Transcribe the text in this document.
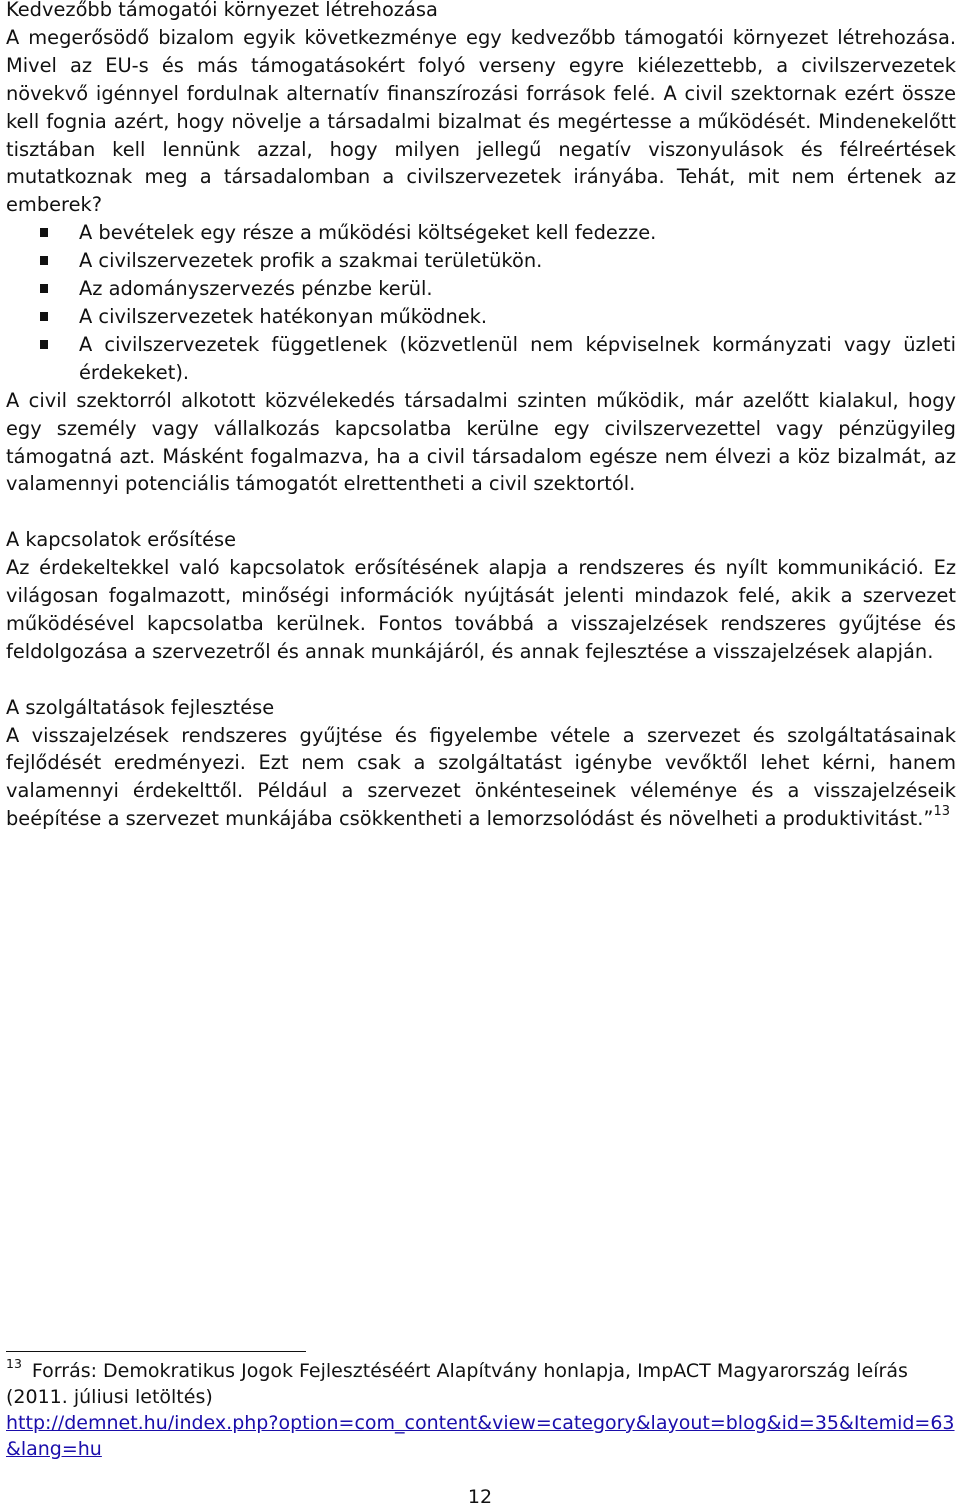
Kedvezőbb támogatói környezet létrehozása

A megerősödő bizalom egyik következménye egy kedvezőbb támogatói környezet létrehozása. Mivel az EU-s és más támogatásokért folyó verseny egyre kiélezettebb, a civilszervezetek növekvő igénnyel fordulnak alternatív finanszírozási források felé. A civil szektornak ezért össze kell fognia azért, hogy növelje a társadalmi bizalmat és megértesse a működését. Mindenekelőtt tisztában kell lennünk azzal, hogy milyen jellegű negatív viszonyulások és félreértések mutatkoznak meg a társadalomban a civilszervezetek irányába. Tehát, mit nem értenek az emberek?

A bevételek egy része a működési költségeket kell fedezze.
A civilszervezetek profik a szakmai területükön.
Az adományszervezés pénzbe kerül.
A civilszervezetek hatékonyan működnek.
A civilszervezetek függetlenek (közvetlenül nem képviselnek kormányzati vagy üzleti érdekeket).

A civil szektorról alkotott közvélekedés társadalmi szinten működik, már azelőtt kialakul, hogy egy személy vagy vállalkozás kapcsolatba kerülne egy civilszervezettel vagy pénzügyileg támogatná azt. Másként fogalmazva, ha a civil társadalom egésze nem élvezi a köz bizalmát, az valamennyi potenciális támogatót elrettentheti a civil szektortól.

A kapcsolatok erősítése

Az érdekeltekkel való kapcsolatok erősítésének alapja a rendszeres és nyílt kommunikáció. Ez világosan fogalmazott, minőségi információk nyújtását jelenti mindazok felé, akik a szervezet működésével kapcsolatba kerülnek. Fontos továbbá a visszajelzések rendszeres gyűjtése és feldolgozása a szervezetről és annak munkájáról, és annak fejlesztése a visszajelzések alapján.

A szolgáltatások fejlesztése

A visszajelzések rendszeres gyűjtése és figyelembe vétele a szervezet és szolgáltatásainak fejlődését eredményezi. Ezt nem csak a szolgáltatást igénybe vevőktől lehet kérni, hanem valamennyi érdekelttől. Például a szervezet önkénteseinek véleménye és a visszajelzéseik beépítése a szervezet munkájába csökkentheti a lemorzsolódást és növelheti a produktivitást.”$^{13}$

$^{13}$ Forrás: Demokratikus Jogok Fejlesztéséért Alapítvány honlapja, ImpACT Magyarország leírás (2011. júliusi letöltés)
http://demnet.hu/index.php?option=com_content&view=category&layout=blog&id=35&Itemid=63&lang=hu
12
